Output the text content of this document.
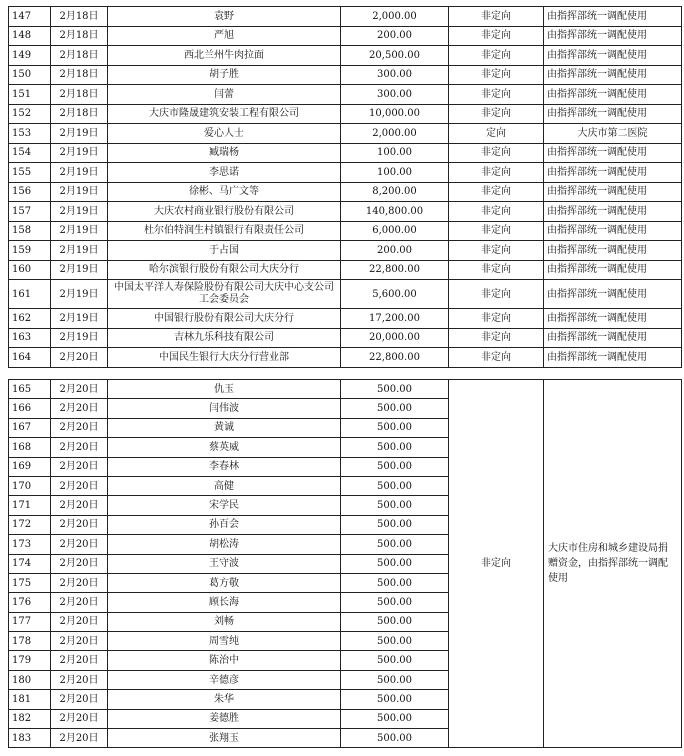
147	2月18日	袁野	2,000.00	非定向	由指挥部统一调配使用
148	2月18日	严旭	200.00	非定向	由指挥部统一调配使用
149	2月18日	西北兰州牛肉拉面	20,500.00	非定向	由指挥部统一调配使用
150	2月18日	胡子胜	300.00	非定向	由指挥部统一调配使用
151	2月18日	闫蕾	300.00	非定向	由指挥部统一调配使用
152	2月18日	大庆市隆晟建筑安装工程有限公司	10,000.00	非定向	由指挥部统一调配使用
153	2月19日	爱心人士	2,000.00	定向	大庆市第二医院
154	2月19日	臧瑞杨	100.00	非定向	由指挥部统一调配使用
155	2月19日	李思诺	100.00	非定向	由指挥部统一调配使用
156	2月19日	徐彬、马广文等	8,200.00	非定向	由指挥部统一调配使用
157	2月19日	大庆农村商业银行股份有限公司	140,800.00	非定向	由指挥部统一调配使用
158	2月19日	杜尔伯特润生村镇银行有限责任公司	6,000.00	非定向	由指挥部统一调配使用
159	2月19日	于占国	200.00	非定向	由指挥部统一调配使用
160	2月19日	哈尔滨银行股份有限公司大庆分行	22,800.00	非定向	由指挥部统一调配使用
161	2月19日	中国太平洋人寿保险股份有限公司大庆中心支公司工会委员会	5,600.00	非定向	由指挥部统一调配使用
162	2月19日	中国银行股份有限公司大庆分行	17,200.00	非定向	由指挥部统一调配使用
163	2月19日	吉林九乐科技有限公司	20,000.00	非定向	由指挥部统一调配使用
164	2月20日	中国民生银行大庆分行营业部	22,800.00	非定向	由指挥部统一调配使用
165	2月20日	仇玉	500.00	非定向	大庆市住房和城乡建设局捐赠资金，由指挥部统一调配使用
166	2月20日	闫伟波	500.00		
167	2月20日	黄诚	500.00		
168	2月20日	蔡英威	500.00		
169	2月20日	李春林	500.00		
170	2月20日	高健	500.00		
171	2月20日	宋学民	500.00		
172	2月20日	孙百会	500.00		
173	2月20日	胡松涛	500.00		
174	2月20日	王守波	500.00		
175	2月20日	葛方敬	500.00		
176	2月20日	顾长海	500.00		
177	2月20日	刘畅	500.00		
178	2月20日	周雪纯	500.00		
179	2月20日	陈治中	500.00		
180	2月20日	辛德彦	500.00		
181	2月20日	朱华	500.00		
182	2月20日	姜德胜	500.00		
183	2月20日	张翔玉	500.00		
